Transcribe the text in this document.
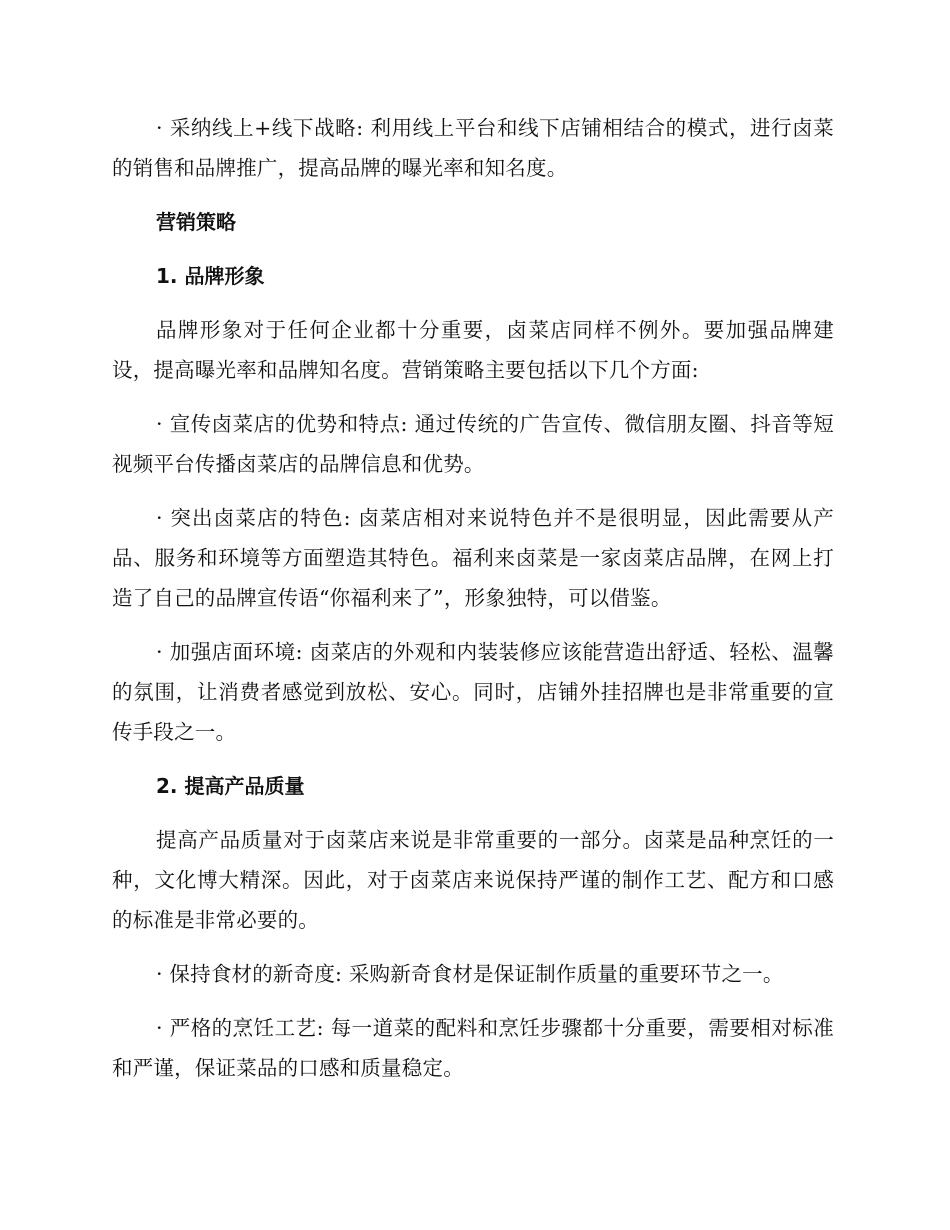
· 采纳线上+线下战略: 利用线上平台和线下店铺相结合的模式，进行卤菜的销售和品牌推广，提高品牌的曝光率和知名度。

营销策略

1. 品牌形象

品牌形象对于任何企业都十分重要，卤菜店同样不例外。要加强品牌建设，提高曝光率和品牌知名度。营销策略主要包括以下几个方面:

· 宣传卤菜店的优势和特点: 通过传统的广告宣传、微信朋友圈、抖音等短视频平台传播卤菜店的品牌信息和优势。

· 突出卤菜店的特色: 卤菜店相对来说特色并不是很明显，因此需要从产品、服务和环境等方面塑造其特色。福利来卤菜是一家卤菜店品牌，在网上打造了自己的品牌宣传语“你福利来了”，形象独特，可以借鉴。

· 加强店面环境: 卤菜店的外观和内装装修应该能营造出舒适、轻松、温馨的氛围，让消费者感觉到放松、安心。同时，店铺外挂招牌也是非常重要的宣传手段之一。

2. 提高产品质量

提高产品质量对于卤菜店来说是非常重要的一部分。卤菜是品种烹饪的一种，文化博大精深。因此，对于卤菜店来说保持严谨的制作工艺、配方和口感的标准是非常必要的。

· 保持食材的新奇度: 采购新奇食材是保证制作质量的重要环节之一。

· 严格的烹饪工艺: 每一道菜的配料和烹饪步骤都十分重要，需要相对标准和严谨，保证菜品的口感和质量稳定。
